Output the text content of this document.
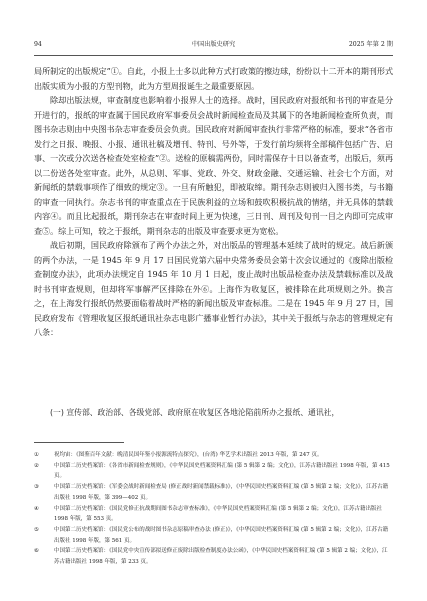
94	中国出版史研究	2025 年第 2 期

局所制定的出版规定”①。自此，小报上士多以此种方式打政策的擦边球，纷纷以十二开本的期刊形式出版实质为小报的方型刊物，此为方型周报诞生之最重要原因。

除却出版法规，审查制度也影响着小报界人士的选择。战时，国民政府对报纸和书刊的审查是分开进行的，报纸的审查属于国民政府军事委员会战时新闻检查局及其属下的各地新闻检查所负责，而图书杂志则由中央图书杂志审查委员会负责。国民政府对新闻审查执行非常严格的标准，要求“各省市发行之日报、晚报、小报、通讯社稿及增刊、特刊、号外等，于发行前均须将全部稿件包括广告、启事、一次或分次送各检查处室检查”②。送检的原稿需两份，同时需保存十日以备查考，出版后，须再以二份送各处室审查。此外，从总则、军事、党政、外交、财政金融、交通运输、社会七个方面，对新闻纸的禁载事项作了细致的规定③。一旦有所触犯，即被取缔。期刊杂志则被归入图书类，与书籍的审查一同执行。杂志书刊的审查重点在于民族利益的立场和鼓吹积极抗战的情绪，并无具体的禁载内容④。而且比起报纸，期刊杂志在审查时间上更为快速，三日刊、周刊及旬刊一目之内即可完成审查⑤。综上可知，较之于报纸，期刊杂志的出版及审查要求更为宽松。

战后初期，国民政府除颁布了两个办法之外，对出版品的管理基本延续了战时的规定。战后新颁的两个办法，一是 1945 年 9 月 17 日国民党第六届中央常务委员会第十次会议通过的《废除出版检查制度办法》，此项办法规定自 1945 年 10 月 1 日起，废止战时出版品检查办法及禁载标准以及战时书刊审查规则，但却将军事解严区排除在外⑥。上海作为收复区，被排除在此项规则之外。换言之，在上海发行报纸仍然要面临着战时严格的新闻出版及审查标准。二是在 1945 年 9 月 27 日，国民政府发布《管理收复区报纸通讯社杂志电影广播事业暂行办法》，其中关于报纸与杂志的管理规定有八条：

(一) 宣传部、政治部、各级党部、政府原在收复区各地沦陷前所办之报纸、通讯社，
①	祝均宙：《图鉴百年文献：晚清民国年鉴小报源流特点探究》，(台湾) 华艺学术出版社 2013 年版，第 247 页。
②	中国第二历史档案馆：《各省市新闻检查规则》，《中华民国史档案资料汇编 (第 5 辑第 2 编；文化)》，江苏古籍出版社 1998 年版，第 415 页。
③	中国第二历史档案馆：《军委会战时新闻检查局 (修正战时新闻禁载标准)》，《中华民国史档案资料汇编 (第 5 辑第 2 编；文化)》，江苏古籍出版社 1998 年版，第 399—402 页。
④	中国第二历史档案馆：《国民党修正抗战期间图书杂志审查标准》，《中华民国史档案资料汇编 (第 5 辑第 2 编；文化)》，江苏古籍出版社 1998 年版，第 553 页。
⑤	中国第二历史档案馆：《国民党公布的战时图书杂志原稿审查办法 (修正)》，《中华民国史档案资料汇编 (第 5 辑第 2 编；文化)》，江苏古籍出版社 1998 年版，第 561 页。
⑥	中国第二历史档案馆：《国民党中央宣传部拟送修正废除出版检查制度办法公函》，《中华民国史档案资料汇编 (第 5 辑第 2 编；文化)》，江苏古籍出版社 1998 年版，第 233 页。
